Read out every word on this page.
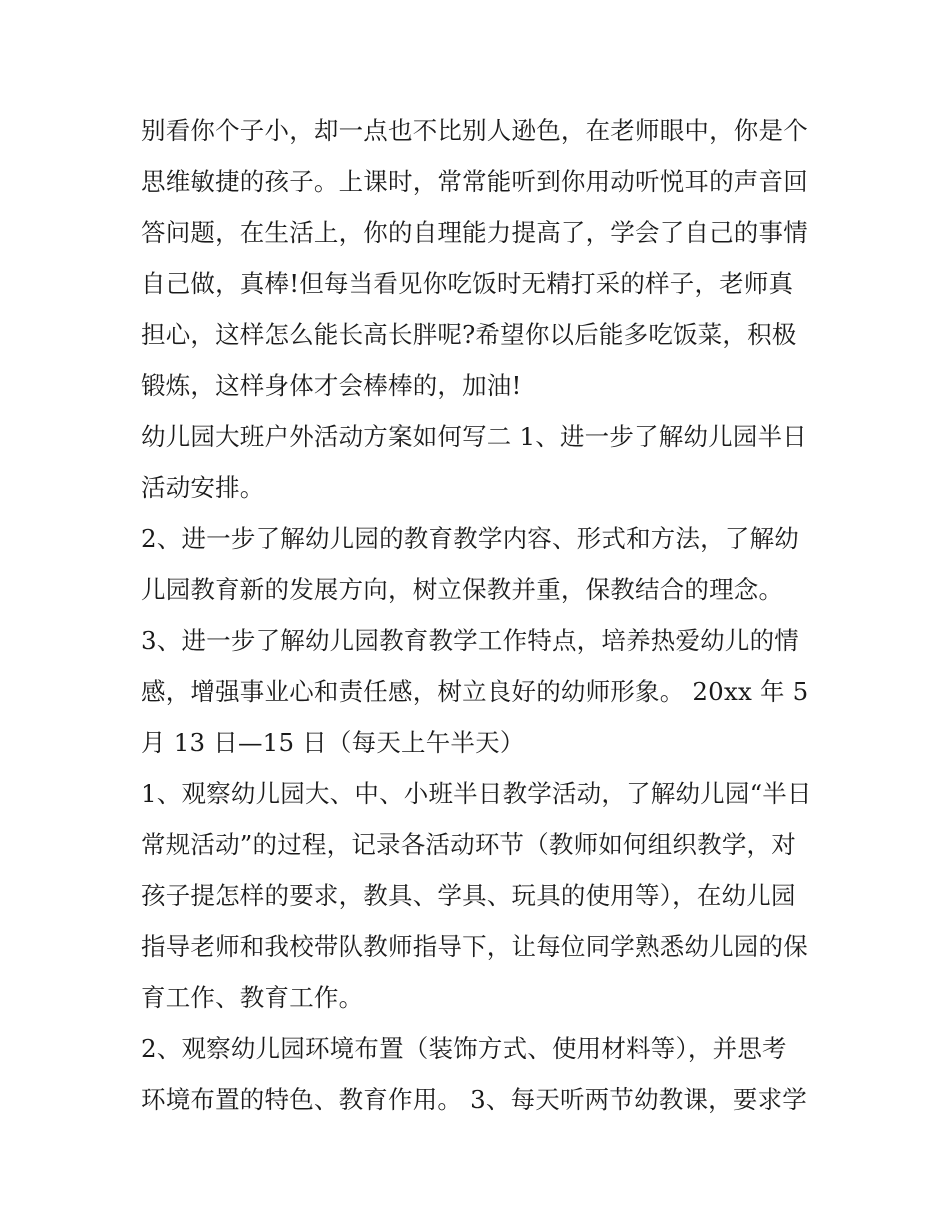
别看你个子小，却一点也不比别人逊色，在老师眼中，你是个
思维敏捷的孩子。上课时，常常能听到你用动听悦耳的声音回
答问题，在生活上，你的自理能力提高了，学会了自己的事情
自己做，真棒!但每当看见你吃饭时无精打采的样子，老师真
担心，这样怎么能长高长胖呢?希望你以后能多吃饭菜，积极
锻炼，这样身体才会棒棒的，加油!

幼儿园大班户外活动方案如何写二 1、进一步了解幼儿园半日
活动安排。

2、进一步了解幼儿园的教育教学内容、形式和方法，了解幼
儿园教育新的发展方向，树立保教并重，保教结合的理念。

3、进一步了解幼儿园教育教学工作特点，培养热爱幼儿的情
感，增强事业心和责任感，树立良好的幼师形象。 20xx 年 5
月 13 日—15 日（每天上午半天）

1、观察幼儿园大、中、小班半日教学活动，了解幼儿园“半日
常规活动”的过程，记录各活动环节（教师如何组织教学，对
孩子提怎样的要求，教具、学具、玩具的使用等），在幼儿园
指导老师和我校带队教师指导下，让每位同学熟悉幼儿园的保
育工作、教育工作。

2、观察幼儿园环境布置（装饰方式、使用材料等），并思考
环境布置的特色、教育作用。 3、每天听两节幼教课，要求学
